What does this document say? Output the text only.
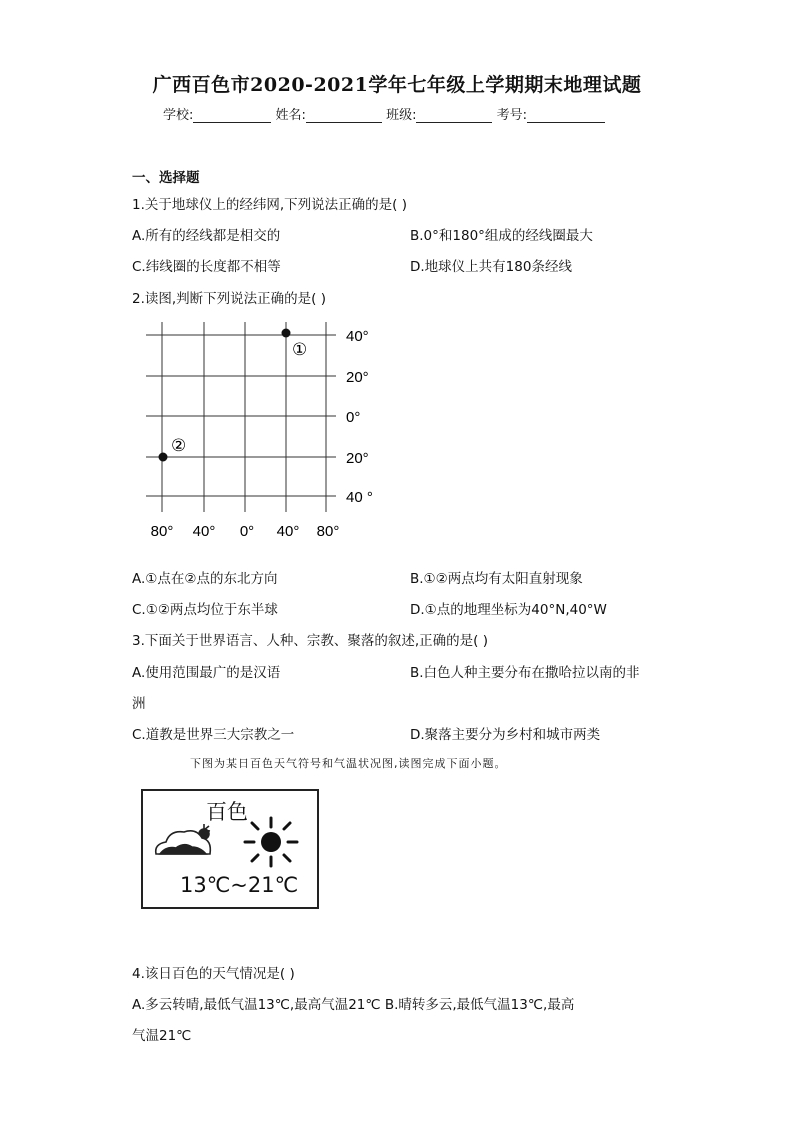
广西百色市2020-2021学年七年级上学期期末地理试题
学校:	姓名:	班级:	考号:
一、选择题
1.关于地球仪上的经纬网,下列说法正确的是( )
A.所有的经线都是相交的	B.0°和180°组成的经线圈最大
C.纬线圈的长度都不相等	D.地球仪上共有180条经线
2.读图,判断下列说法正确的是( )
40°
20°
0°
20°
40 °
80° 40° 0° 40° 80°
①
②
A.①点在②点的东北方向	B.①②两点均有太阳直射现象
C.①②两点均位于东半球	D.①点的地理坐标为40°N,40°W
3.下面关于世界语言、人种、宗教、聚落的叙述,正确的是( )
A.使用范围最广的是汉语	B.白色人种主要分布在撒哈拉以南的非
洲
C.道教是世界三大宗教之一	D.聚落主要分为乡村和城市两类
下图为某日百色天气符号和气温状况图,读图完成下面小题。
百色
13℃~21℃
4.该日百色的天气情况是( )
A.多云转晴,最低气温13℃,最高气温21℃ B.晴转多云,最低气温13℃,最高
气温21℃
